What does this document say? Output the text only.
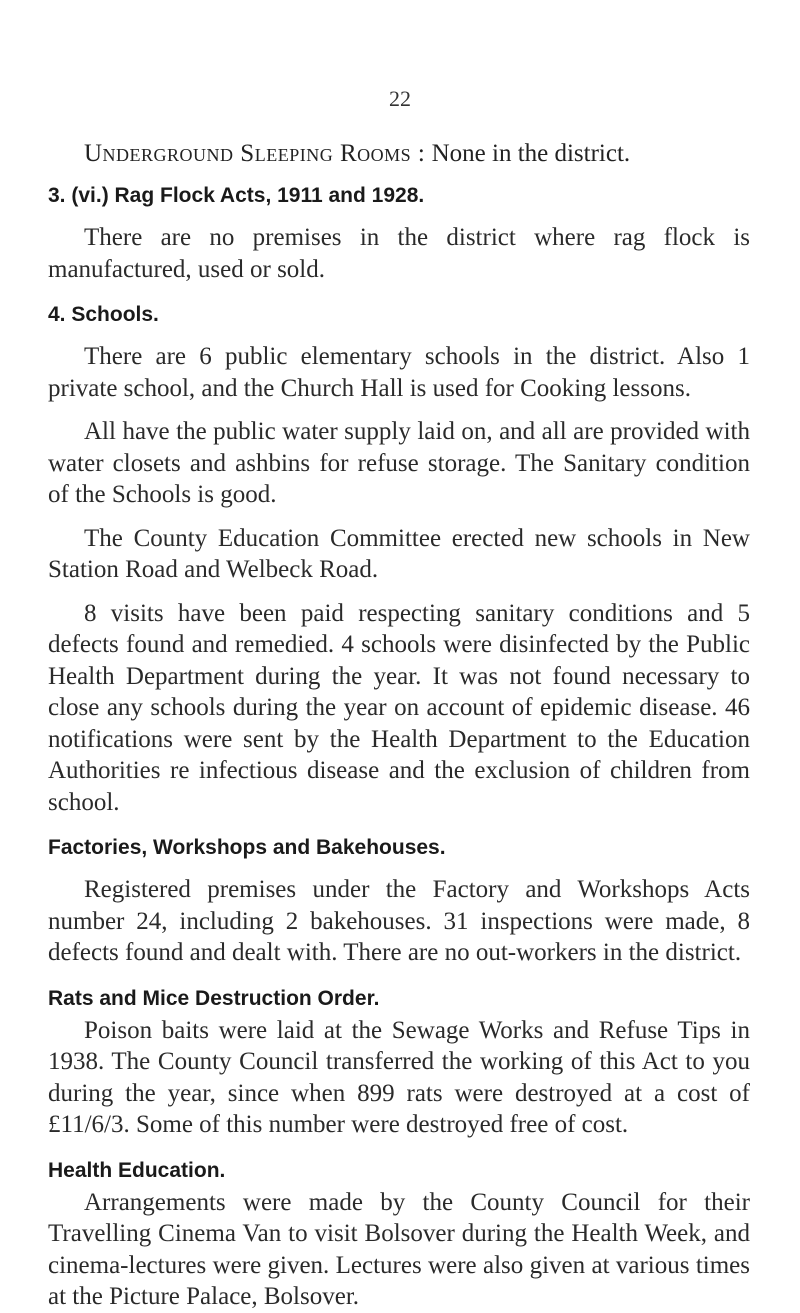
22

Underground Sleeping Rooms : None in the district.

3. (vi.) Rag Flock Acts, 1911 and 1928.

There are no premises in the district where rag flock is manufactured, used or sold.

4. Schools.

There are 6 public elementary schools in the district. Also 1 private school, and the Church Hall is used for Cooking lessons.

All have the public water supply laid on, and all are provided with water closets and ashbins for refuse storage. The Sanitary condition of the Schools is good.

The County Education Committee erected new schools in New Station Road and Welbeck Road.

8 visits have been paid respecting sanitary conditions and 5 defects found and remedied. 4 schools were disinfected by the Public Health Department during the year. It was not found necessary to close any schools during the year on account of epidemic disease. 46 notifications were sent by the Health Department to the Education Authorities re infectious disease and the exclusion of children from school.

Factories, Workshops and Bakehouses.

Registered premises under the Factory and Workshops Acts number 24, including 2 bakehouses. 31 inspections were made, 8 defects found and dealt with. There are no out-workers in the district.

Rats and Mice Destruction Order.

Poison baits were laid at the Sewage Works and Refuse Tips in 1938. The County Council transferred the working of this Act to you during the year, since when 899 rats were destroyed at a cost of £11/6/3. Some of this number were destroyed free of cost.

Health Education.

Arrangements were made by the County Council for their Travelling Cinema Van to visit Bolsover during the Health Week, and cinema-lectures were given. Lectures were also given at various times at the Picture Palace, Bolsover.
